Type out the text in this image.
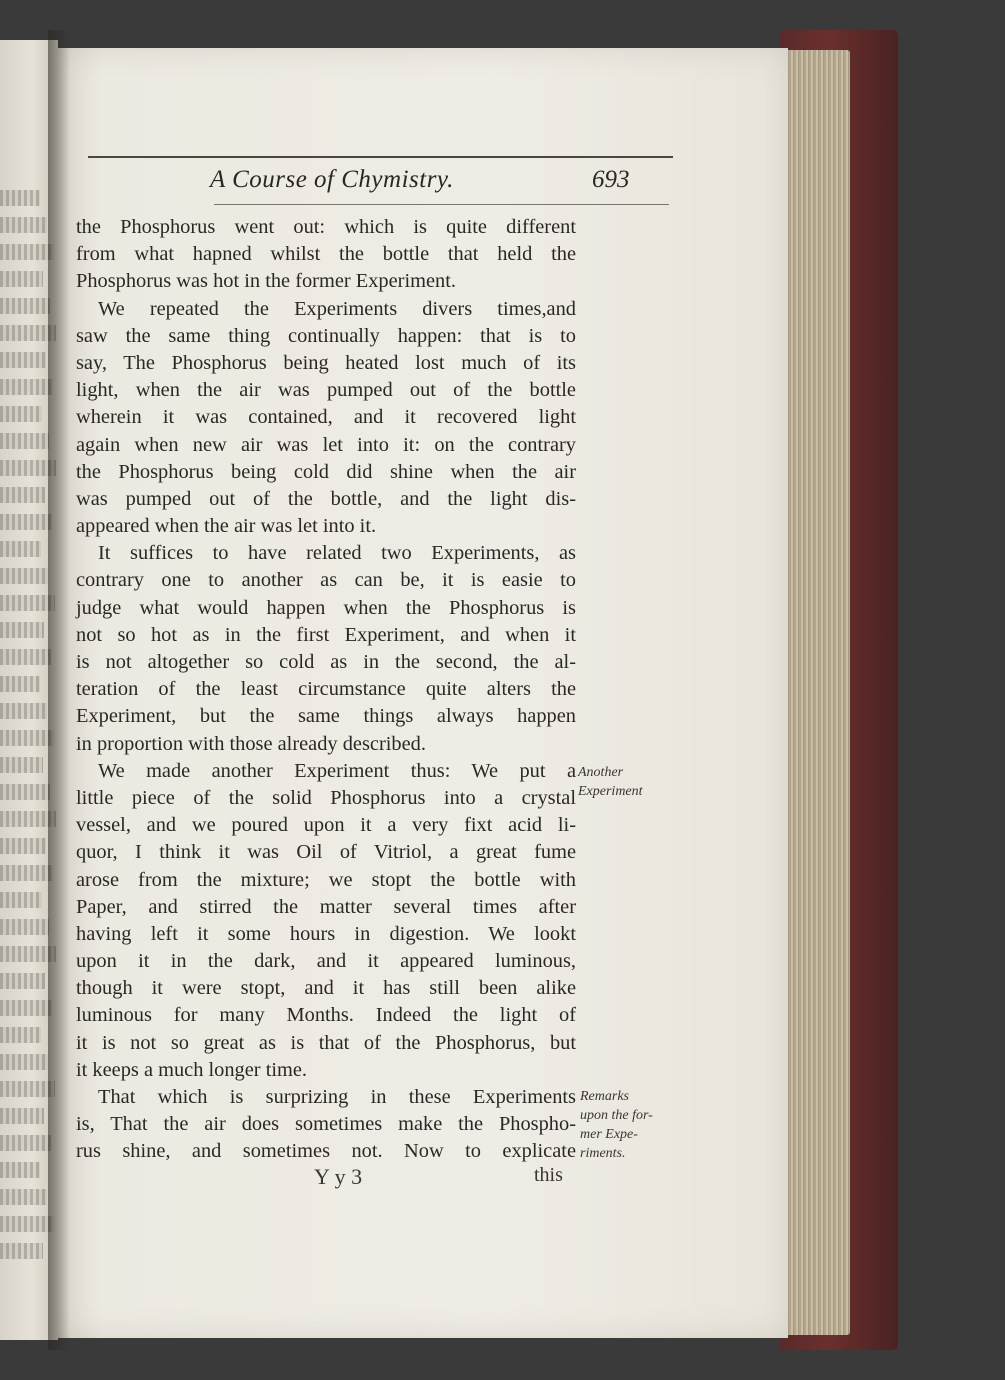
A Course of Chymistry.	693
the Phosphorus went out: which is quite different
from what hapned whilst the bottle that held the
Phosphorus was hot in the former Experiment.
We repeated the Experiments divers times,and
saw the same thing continually happen: that is to
say, The Phosphorus being heated lost much of its
light, when the air was pumped out of the bottle
wherein it was contained, and it recovered light
again when new air was let into it: on the contrary
the Phosphorus being cold did shine when the air
was pumped out of the bottle, and the light dis-
appeared when the air was let into it.
It suffices to have related two Experiments, as
contrary one to another as can be, it is easie to
judge what would happen when the Phosphorus is
not so hot as in the first Experiment, and when it
is not altogether so cold as in the second, the al-
teration of the least circumstance quite alters the
Experiment, but the same things always happen
in proportion with those already described.
We made another Experiment thus: We put a
little piece of the solid Phosphorus into a crystal
vessel, and we poured upon it a very fixt acid li-
quor, I think it was Oil of Vitriol, a great fume
arose from the mixture; we stopt the bottle with
Paper, and stirred the matter several times after
having left it some hours in digestion. We lookt
upon it in the dark, and it appeared luminous,
though it were stopt, and it has still been alike
luminous for many Months. Indeed the light of
it is not so great as is that of the Phosphorus, but
it keeps a much longer time.
That which is surprizing in these Experiments
is, That the air does sometimes make the Phospho-
rus shine, and sometimes not. Now to explicate
Another
Experiment
Remarks
upon the for-
mer Expe-
riments.
Y y 3	this
